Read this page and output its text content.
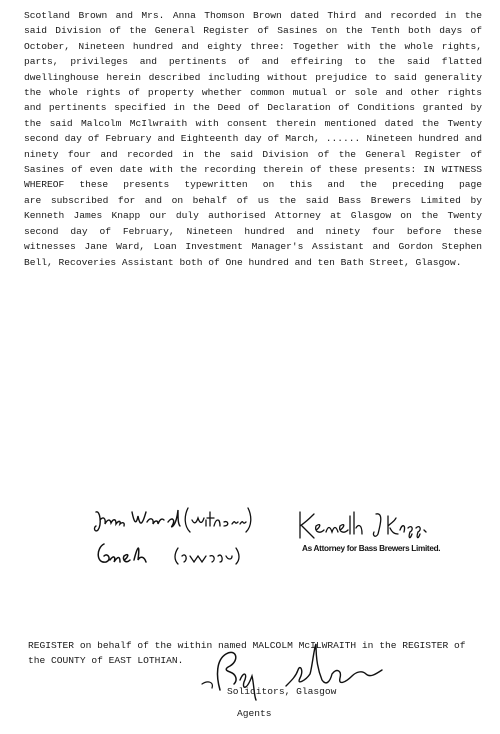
Scotland Brown and Mrs. Anna Thomson Brown dated Third and recorded in the
said Division of the General Register of Sasines on the Tenth both days of
October, Nineteen hundred and eighty three: Together with the whole rights,
parts, privileges and pertinents of and effeiring to the said flatted
dwellinghouse herein described including without prejudice to said generality
the whole rights of property whether common mutual or sole and other rights
and pertinents specified in the Deed of Declaration of Conditions granted by
the said Malcolm McIlwraith with consent therein mentioned dated the Twenty
second day of February and Eighteenth day of March, ...... Nineteen hundred and
ninety four and recorded in the said Division of the General Register of
Sasines of even date with the recording therein of these presents: IN WITNESS
WHEREOF these presents typewritten on this and the preceding page
are subscribed for and on behalf of us the said Bass Brewers Limited by
Kenneth James Knapp our duly authorised Attorney at Glasgow on the Twenty
second day of February, Nineteen hundred and ninety four before these
witnesses Jane Ward, Loan Investment Manager's Assistant and Gordon Stephen
Bell, Recoveries Assistant both of One hundred and ten Bath Street, Glasgow.
As Attorney for Bass Brewers Limited.
REGISTER on behalf of the within named MALCOLM McILWRAITH in the REGISTER of
the COUNTY of EAST LOTHIAN.
Solicitors, Glasgow
Agents
